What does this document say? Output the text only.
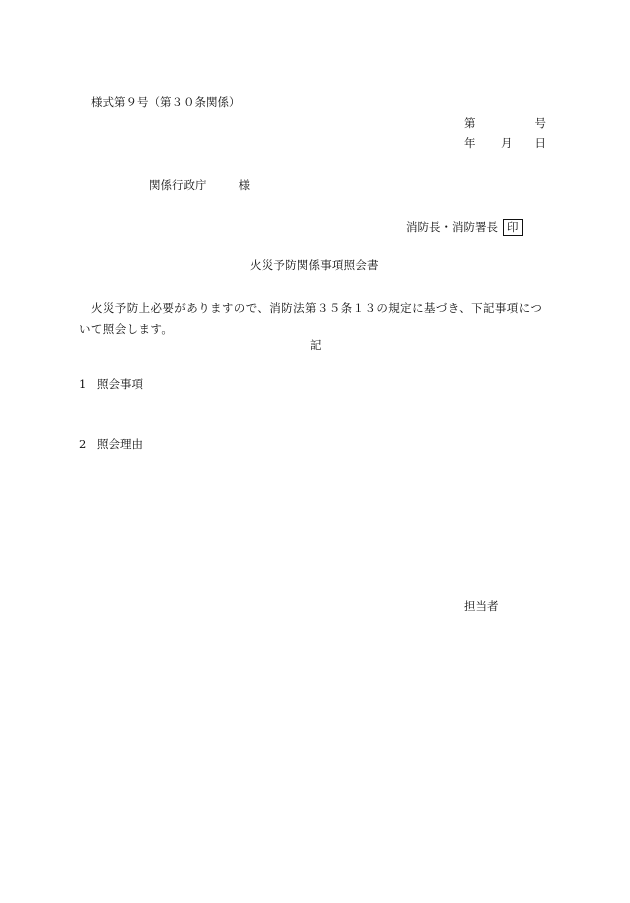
様式第９号（第３０条関係）
第	号
年 月 日
関係行政庁	様
消防長・消防署長 印
火災予防関係事項照会書
火災予防上必要がありますので、消防法第３５条１３の規定に基づき、下記事項について照会します。
記
1 照会事項
2 照会理由
担当者
